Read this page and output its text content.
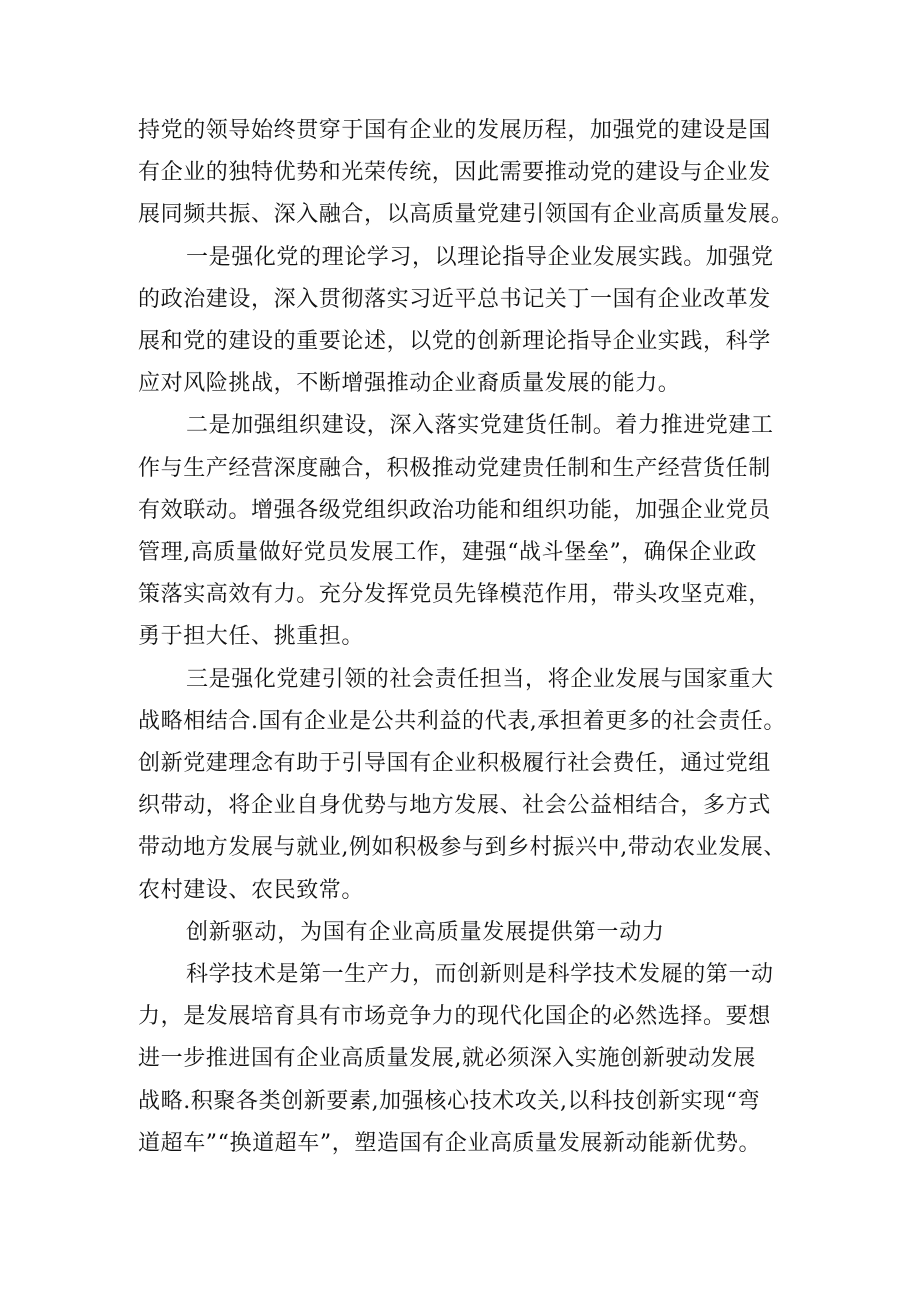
持党的领导始终贯穿于国有企业的发展历程，加强党的建设是国
有企业的独特优势和光荣传统，因此需要推动党的建设与企业发
展同频共振、深入融合，以高质量党建引领国有企业高质量发展。
一是强化党的理论学习，以理论指导企业发展实践。加强党
的政治建设，深入贯彻落实习近平总书记关丁一国有企业改革发
展和党的建设的重要论述，以党的创新理论指导企业实践，科学
应对风险挑战，不断增强推动企业裔质量发展的能力。
二是加强组织建设，深入落实党建货任制。着力推进党建工
作与生产经营深度融合，积极推动党建贵任制和生产经营货任制
有效联动。增强各级党组织政治功能和组织功能，加强企业党员
管理,高质量做好党员发展工作，建强“战斗堡垒”，确保企业政
策落实高效有力。充分发挥党员先锋模范作用，带头攻坚克难，
勇于担大任、挑重担。
三是强化党建引领的社会责任担当，将企业发展与国家重大
战略相结合.国有企业是公共利益的代表,承担着更多的社会责任。
创新党建理念有助于引导国有企业积极履行社会费任，通过党组
织带动，将企业自身优势与地方发展、社会公益相结合，多方式
带动地方发展与就业,例如积极参与到乡村振兴中,带动农业发展、
农村建设、农民致常。
创新驱动，为国有企业高质量发展提供第一动力
科学技术是第一生产力，而创新则是科学技术发屣的第一动
力，是发展培育具有市场竞争力的现代化国企的必然选择。要想
进一步推进国有企业高质量发展,就必须深入实施创新驶动发展
战略.积聚各类创新要素,加强核心技术攻关,以科技创新实现“弯
道超车”“换道超车”，塑造国有企业高质量发展新动能新优势。
